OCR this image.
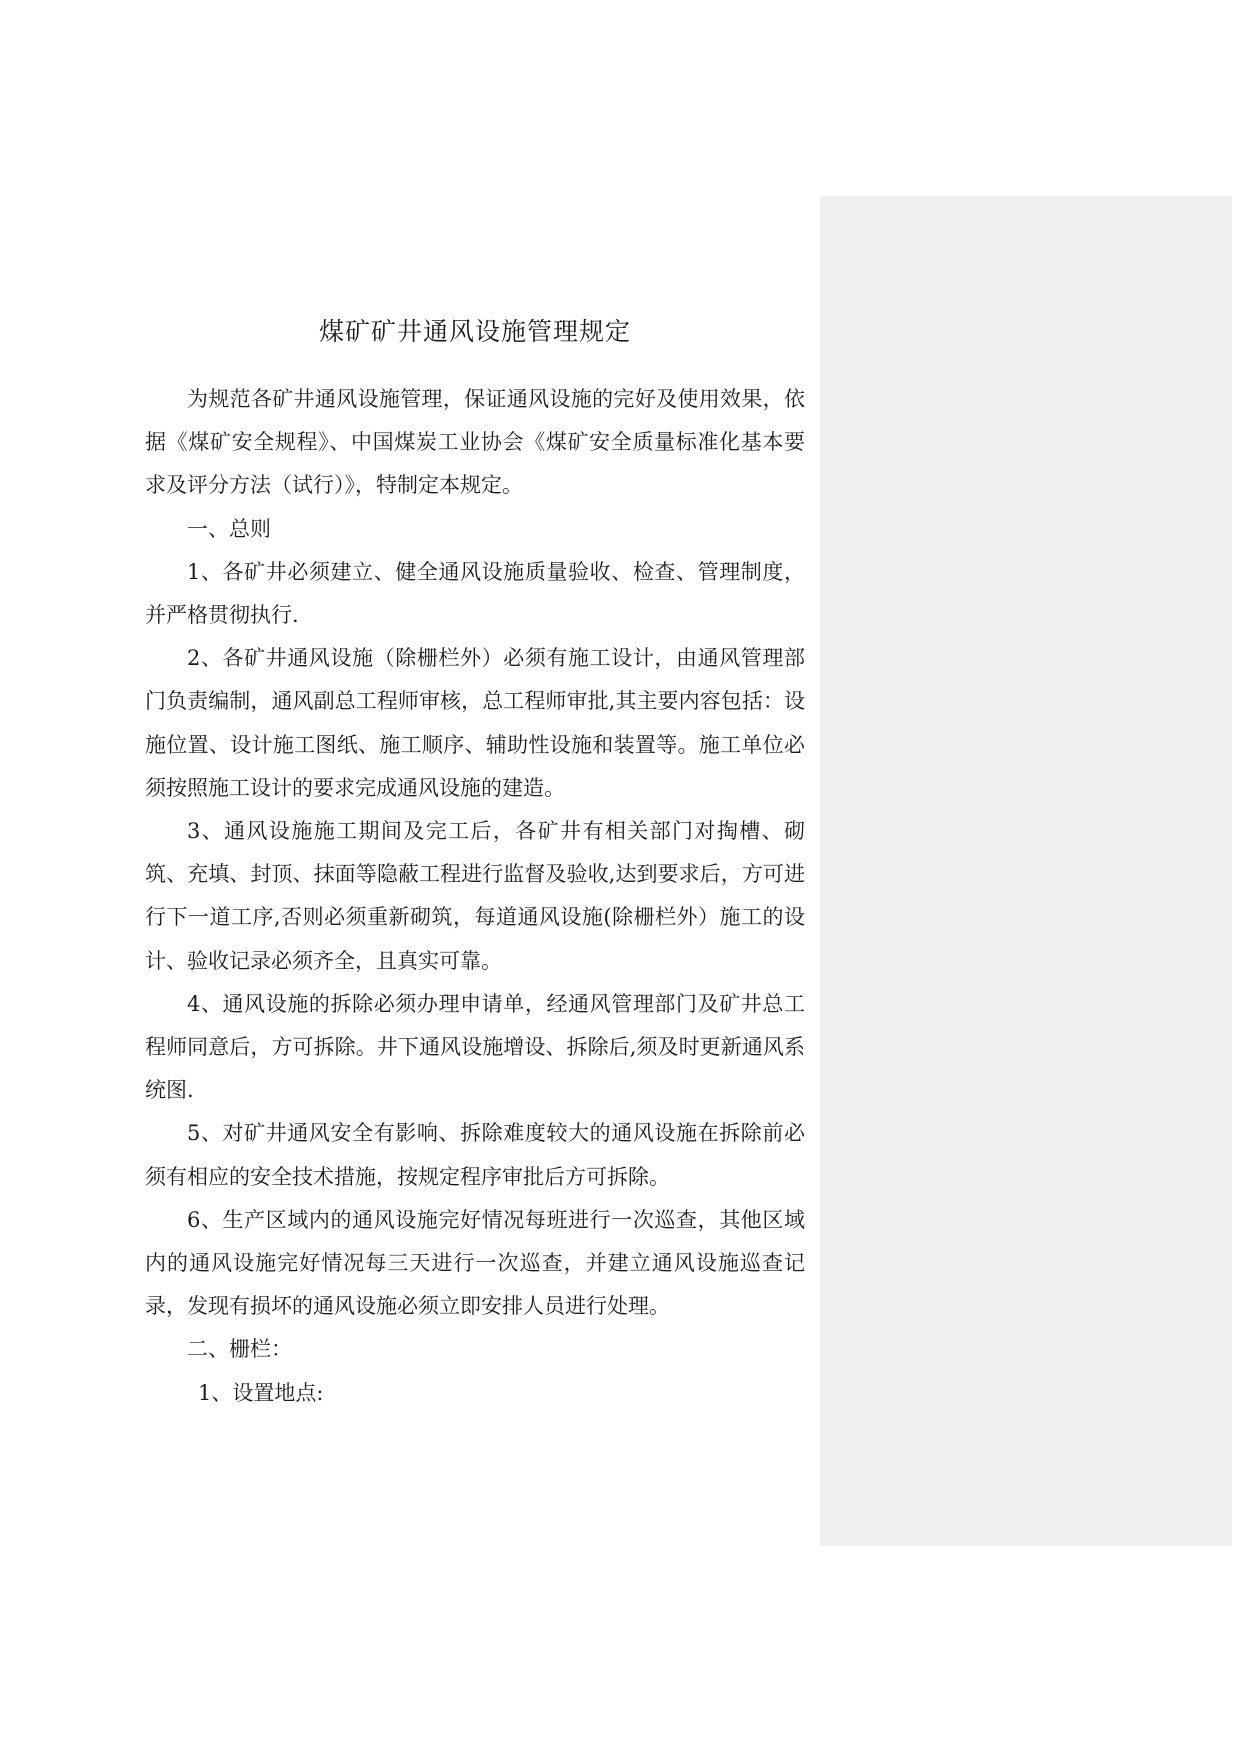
煤矿矿井通风设施管理规定

为规范各矿井通风设施管理，保证通风设施的完好及使用效果，依据《煤矿安全规程》、中国煤炭工业协会《煤矿安全质量标准化基本要求及评分方法（试行）》，特制定本规定。

一、总则

1、各矿井必须建立、健全通风设施质量验收、检查、管理制度，并严格贯彻执行.

2、各矿井通风设施（除栅栏外）必须有施工设计，由通风管理部门负责编制，通风副总工程师审核，总工程师审批,其主要内容包括：设施位置、设计施工图纸、施工顺序、辅助性设施和装置等。施工单位必须按照施工设计的要求完成通风设施的建造。

3、通风设施施工期间及完工后，各矿井有相关部门对掏槽、砌筑、充填、封顶、抹面等隐蔽工程进行监督及验收,达到要求后，方可进行下一道工序,否则必须重新砌筑，每道通风设施(除栅栏外）施工的设计、验收记录必须齐全，且真实可靠。

4、通风设施的拆除必须办理申请单，经通风管理部门及矿井总工程师同意后，方可拆除。井下通风设施增设、拆除后,须及时更新通风系统图.

5、对矿井通风安全有影响、拆除难度较大的通风设施在拆除前必须有相应的安全技术措施，按规定程序审批后方可拆除。

6、生产区域内的通风设施完好情况每班进行一次巡查，其他区域内的通风设施完好情况每三天进行一次巡查，并建立通风设施巡查记录，发现有损坏的通风设施必须立即安排人员进行处理。

二、栅栏：

1、设置地点:
